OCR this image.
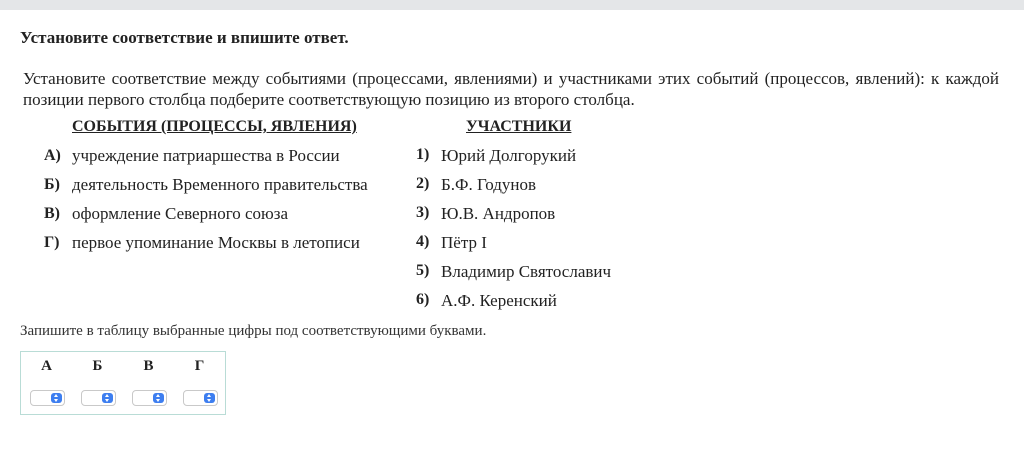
Установите соответствие и впишите ответ.
Установите соответствие между событиями (процессами, явлениями) и участниками этих событий (процессов, явлений): к каждой позиции первого столбца подберите соответствующую позицию из второго столбца.
СОБЫТИЯ (ПРОЦЕССЫ, ЯВЛЕНИЯ)	УЧАСТНИКИ
А) учреждение патриаршества в России
Б) деятельность Временного правительства
В) оформление Северного союза
Г) первое упоминание Москвы в летописи
1) Юрий Долгорукий
2) Б.Ф. Годунов
3) Ю.В. Андропов
4) Пётр I
5) Владимир Святославич
6) А.Ф. Керенский
Запишите в таблицу выбранные цифры под соответствующими буквами.
А	Б	В	Г
